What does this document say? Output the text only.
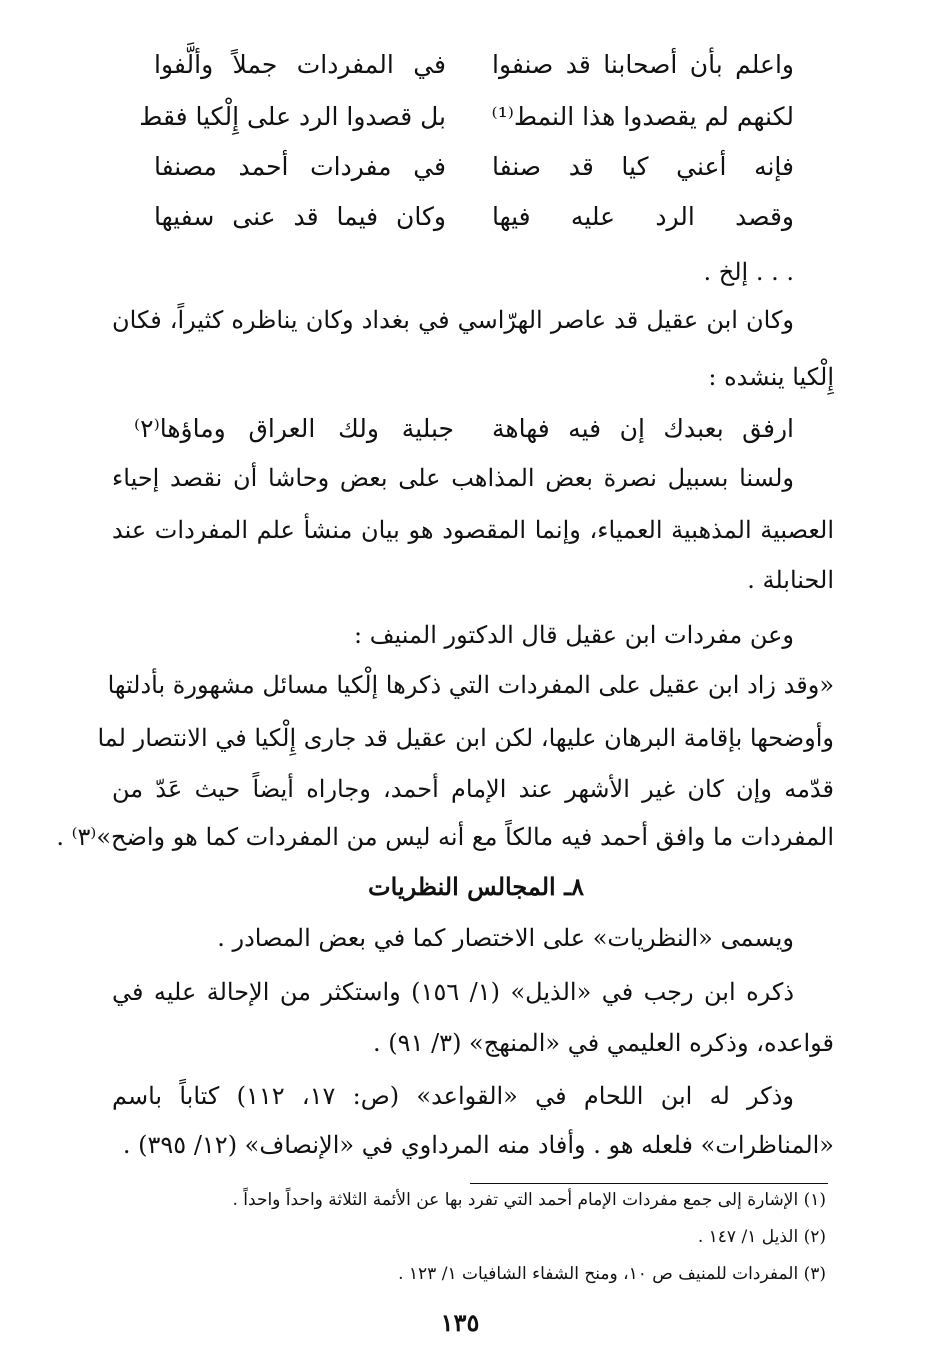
واعلم بأن أصحابنا قد صنفوا
في المفردات جملاً وألَّفوا
لكنهم لم يقصدوا هذا النمط⁽¹⁾
بل قصدوا الرد على إِلْكيا فقط
فإنه أعني كيا قد صنفا
في مفردات أحمد مصنفا
وقصد الرد عليه فيها
وكان فيما قد عنى سفيها
. . . إلخ .
وكان ابن عقيل قد عاصر الهرّاسي في بغداد وكان يناظره كثيراً، فكان
إِلْكيا ينشده :
ارفق بعبدك إن فيه فهاهة
جبلية ولك العراق وماؤها⁽٢⁾
ولسنا بسبيل نصرة بعض المذاهب على بعض وحاشا أن نقصد إحياء
العصبية المذهبية العمياء، وإنما المقصود هو بيان منشأ علم المفردات عند
الحنابلة .
وعن مفردات ابن عقيل قال الدكتور المنيف :
«وقد زاد ابن عقيل على المفردات التي ذكرها إلْكيا مسائل مشهورة بأدلتها
وأوضحها بإقامة البرهان عليها، لكن ابن عقيل قد جارى إِلْكيا في الانتصار لما
قدّمه وإن كان غير الأشهر عند الإمام أحمد، وجاراه أيضاً حيث عَدّ من
المفردات ما وافق أحمد فيه مالكاً مع أنه ليس من المفردات كما هو واضح»⁽٣⁾ .
٨ـ المجالس النظريات
ويسمى «النظريات» على الاختصار كما في بعض المصادر .
ذكره ابن رجب في «الذيل» (١/ ١٥٦) واستكثر من الإحالة عليه في
قواعده، وذكره العليمي في «المنهج» (٣/ ٩١) .
وذكر له ابن اللحام في «القواعد» (ص: ١٧، ١١٢) كتاباً باسم
«المناظرات» فلعله هو . وأفاد منه المرداوي في «الإنصاف» (١٢/ ٣٩٥) .
(١) الإشارة إلى جمع مفردات الإمام أحمد التي تفرد بها عن الأئمة الثلاثة واحداً واحداً .
(٢) الذيل ١/ ١٤٧ .
(٣) المفردات للمنيف ص ١٠، ومنح الشفاء الشافيات ١/ ١٢٣ .
١٣٥
